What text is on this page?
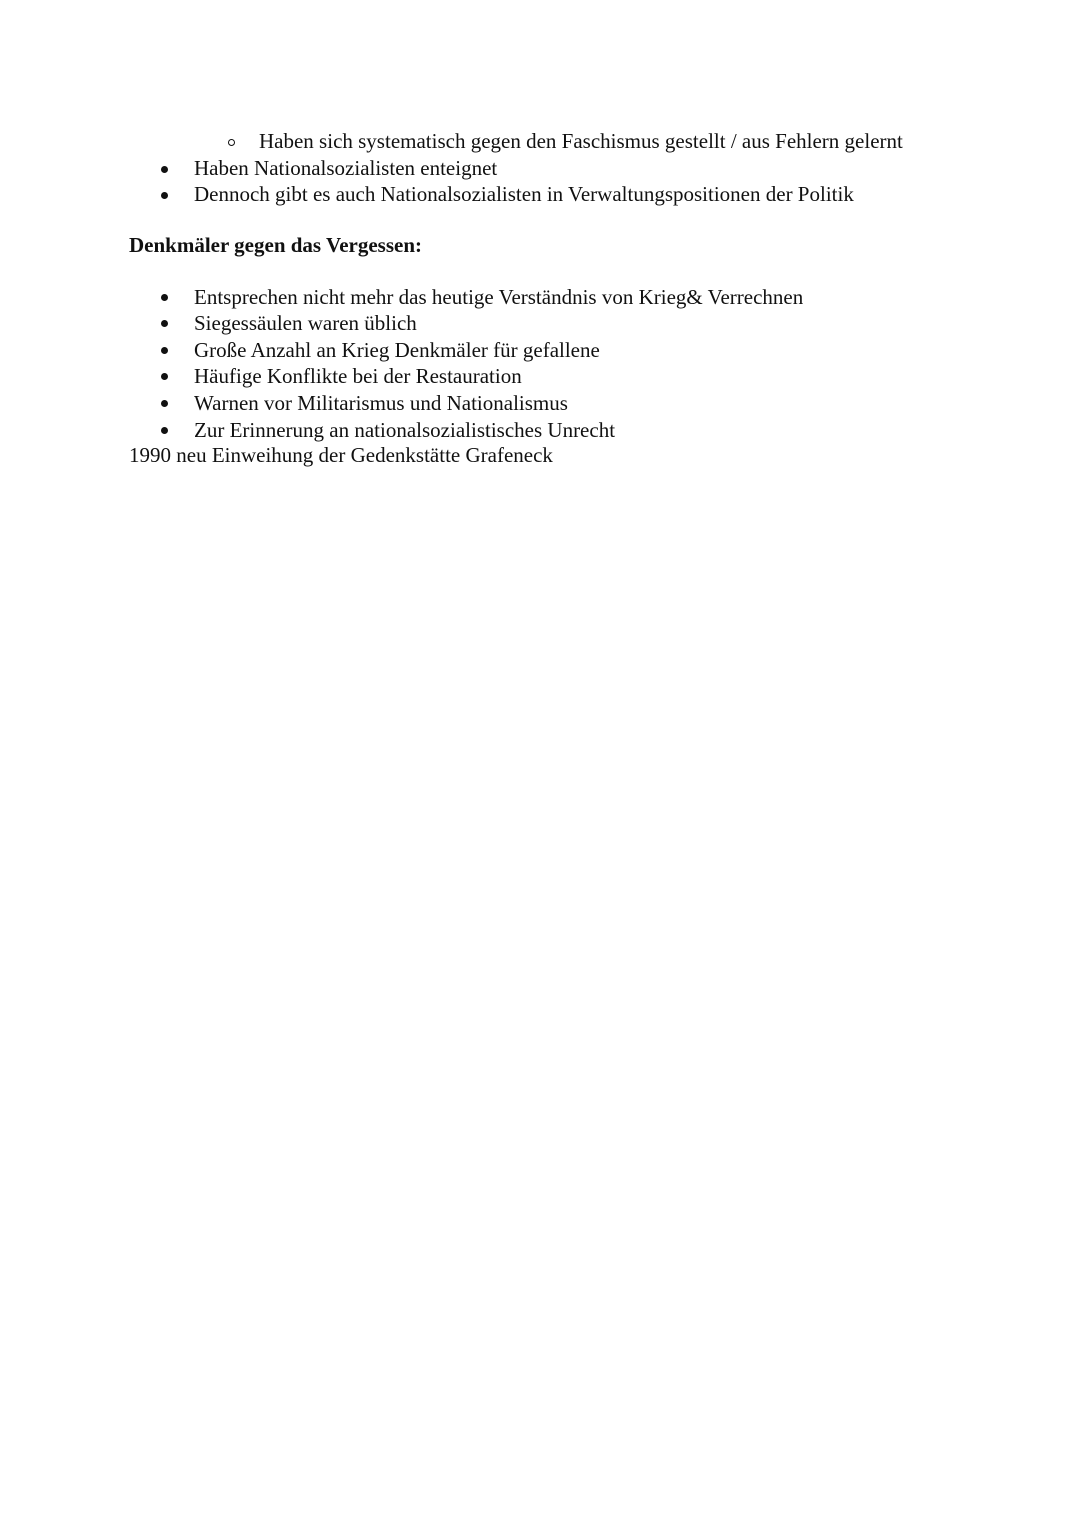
Haben sich systematisch gegen den Faschismus gestellt / aus Fehlern gelernt
Haben Nationalsozialisten enteignet
Dennoch gibt es auch Nationalsozialisten in Verwaltungspositionen der Politik
Denkmäler gegen das Vergessen:
Entsprechen nicht mehr das heutige Verständnis von Krieg& Verrechnen
Siegessäulen waren üblich
Große Anzahl an Krieg Denkmäler für gefallene
Häufige Konflikte bei der Restauration
Warnen vor Militarismus und Nationalismus
Zur Erinnerung an nationalsozialistisches Unrecht
1990 neu Einweihung der Gedenkstätte Grafeneck
